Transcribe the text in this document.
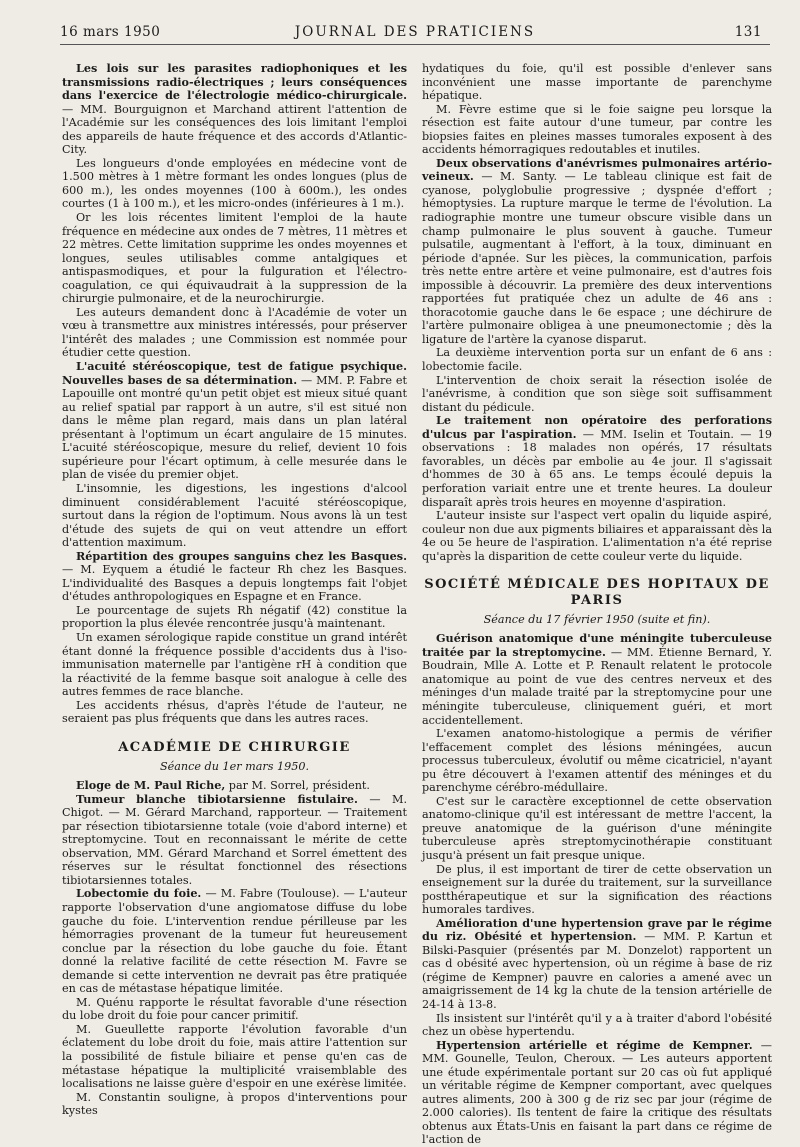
16 mars 1950	JOURNAL DES PRATICIENS	131

Les lois sur les parasites radiophoniques et les transmissions radio-électriques ; leurs conséquences dans l'exercice de l'électrologie médico-chirurgicale. — MM. Bourguignon et Marchand attirent l'attention de l'Académie sur les conséquences des lois limitant l'emploi des appareils de haute fréquence et des accords d'Atlantic-City.

Les longueurs d'onde employées en médecine vont de 1.500 mètres à 1 mètre formant les ondes longues (plus de 600 m.), les ondes moyennes (100 à 600m.), les ondes courtes (1 à 100 m.), et les micro-ondes (inférieures à 1 m.).

Or les lois récentes limitent l'emploi de la haute fréquence en médecine aux ondes de 7 mètres, 11 mètres et 22 mètres. Cette limitation supprime les ondes moyennes et longues, seules utilisables comme antalgiques et antispasmodiques, et pour la fulguration et l'électro-coagulation, ce qui équivaudrait à la suppression de la chirurgie pulmonaire, et de la neurochirurgie.

Les auteurs demandent donc à l'Académie de voter un vœu à transmettre aux ministres intéressés, pour préserver l'intérêt des malades ; une Commission est nommée pour étudier cette question.

L'acuité stéréoscopique, test de fatigue psychique. Nouvelles bases de sa détermination. — MM. P. Fabre et Lapouille ont montré qu'un petit objet est mieux situé quant au relief spatial par rapport à un autre, s'il est situé non dans le même plan regard, mais dans un plan latéral présentant à l'optimum un écart angulaire de 15 minutes. L'acuité stéréoscopique, mesure du relief, devient 10 fois supérieure pour l'écart optimum, à celle mesurée dans le plan de visée du premier objet.

L'insomnie, les digestions, les ingestions d'alcool diminuent considérablement l'acuité stéréoscopique, surtout dans la région de l'optimum. Nous avons là un test d'étude des sujets de qui on veut attendre un effort d'attention maximum.

Répartition des groupes sanguins chez les Basques. — M. Eyquem a étudié le facteur Rh chez les Basques. L'individualité des Basques a depuis longtemps fait l'objet d'études anthropologiques en Espagne et en France.

Le pourcentage de sujets Rh négatif (42) constitue la proportion la plus élevée rencontrée jusqu'à maintenant.

Un examen sérologique rapide constitue un grand intérêt étant donné la fréquence possible d'accidents dus à l'iso-immunisation maternelle par l'antigène rH à condition que la réactivité de la femme basque soit analogue à celle des autres femmes de race blanche.

Les accidents rhésus, d'après l'étude de l'auteur, ne seraient pas plus fréquents que dans les autres races.

ACADÉMIE DE CHIRURGIE
Séance du 1er mars 1950.

Eloge de M. Paul Riche, par M. Sorrel, président.

Tumeur blanche tibiotarsienne fistulaire. — M. Chigot. — M. Gérard Marchand, rapporteur. — Traitement par résection tibiotarsienne totale (voie d'abord interne) et streptomycine. Tout en reconnaissant le mérite de cette observation, MM. Gérard Marchand et Sorrel émettent des réserves sur le résultat fonctionnel des résections tibiotarsiennes totales.

Lobectomie du foie. — M. Fabre (Toulouse). — L'auteur rapporte l'observation d'une angiomatose diffuse du lobe gauche du foie. L'intervention rendue périlleuse par les hémorragies provenant de la tumeur fut heureusement conclue par la résection du lobe gauche du foie. Étant donné la relative facilité de cette résection M. Favre se demande si cette intervention ne devrait pas être pratiquée en cas de métastase hépatique limitée.

M. Quénu rapporte le résultat favorable d'une résection du lobe droit du foie pour cancer primitif.

M. Gueullette rapporte l'évolution favorable d'un éclatement du lobe droit du foie, mais attire l'attention sur la possibilité de fistule biliaire et pense qu'en cas de métastase hépatique la multiplicité vraisemblable des localisations ne laisse guère d'espoir en une exérèse limitée.

M. Constantin souligne, à propos d'interventions pour kystes

hydatiques du foie, qu'il est possible d'enlever sans inconvénient une masse importante de parenchyme hépatique.

M. Fèvre estime que si le foie saigne peu lorsque la résection est faite autour d'une tumeur, par contre les biopsies faites en pleines masses tumorales exposent à des accidents hémorragiques redoutables et inutiles.

Deux observations d'anévrismes pulmonaires artério-veineux. — M. Santy. — Le tableau clinique est fait de cyanose, polyglobulie progressive ; dyspnée d'effort ; hémoptysies. La rupture marque le terme de l'évolution. La radiographie montre une tumeur obscure visible dans un champ pulmonaire le plus souvent à gauche. Tumeur pulsatile, augmentant à l'effort, à la toux, diminuant en période d'apnée. Sur les pièces, la communication, parfois très nette entre artère et veine pulmonaire, est d'autres fois impossible à découvrir. La première des deux interventions rapportées fut pratiquée chez un adulte de 46 ans : thoracotomie gauche dans le 6e espace ; une déchirure de l'artère pulmonaire obligea à une pneumonectomie ; dès la ligature de l'artère la cyanose disparut.

La deuxième intervention porta sur un enfant de 6 ans : lobectomie facile.

L'intervention de choix serait la résection isolée de l'anévrisme, à condition que son siège soit suffisamment distant du pédicule.

Le traitement non opératoire des perforations d'ulcus par l'aspiration. — MM. Iselin et Toutain. — 19 observations : 18 malades non opérés, 17 résultats favorables, un décès par embolie au 4e jour. Il s'agissait d'hommes de 30 à 65 ans. Le temps écoulé depuis la perforation variait entre une et trente heures. La douleur disparaît après trois heures en moyenne d'aspiration.

L'auteur insiste sur l'aspect vert opalin du liquide aspiré, couleur non due aux pigments biliaires et apparaissant dès la 4e ou 5e heure de l'aspiration. L'alimentation n'a été reprise qu'après la disparition de cette couleur verte du liquide.

SOCIÉTÉ MÉDICALE DES HOPITAUX DE PARIS
Séance du 17 février 1950 (suite et fin).

Guérison anatomique d'une méningite tuberculeuse traitée par la streptomycine. — MM. Étienne Bernard, Y. Boudrain, Mlle A. Lotte et P. Renault relatent le protocole anatomique au point de vue des centres nerveux et des méninges d'un malade traité par la streptomycine pour une méningite tuberculeuse, cliniquement guéri, et mort accidentellement.

L'examen anatomo-histologique a permis de vérifier l'effacement complet des lésions méningées, aucun processus tuberculeux, évolutif ou même cicatriciel, n'ayant pu être découvert à l'examen attentif des méninges et du parenchyme cérébro-médullaire.

C'est sur le caractère exceptionnel de cette observation anatomo-clinique qu'il est intéressant de mettre l'accent, la preuve anatomique de la guérison d'une méningite tuberculeuse après streptomycinothérapie constituant jusqu'à présent un fait presque unique.

De plus, il est important de tirer de cette observation un enseignement sur la durée du traitement, sur la surveillance postthérapeutique et sur la signification des réactions humorales tardives.

Amélioration d'une hypertension grave par le régime du riz. Obésité et hypertension. — MM. P. Kartun et Bilski-Pasquier (présentés par M. Donzelot) rapportent un cas d obésité avec hypertension, où un régime à base de riz (régime de Kempner) pauvre en calories a amené avec un amaigrissement de 14 kg la chute de la tension artérielle de 24-14 à 13-8.

Ils insistent sur l'intérêt qu'il y a à traiter d'abord l'obésité chez un obèse hypertendu.

Hypertension artérielle et régime de Kempner. — MM. Gounelle, Teulon, Cheroux. — Les auteurs apportent une étude expérimentale portant sur 20 cas où fut appliqué un véritable régime de Kempner comportant, avec quelques autres aliments, 200 à 300 g de riz sec par jour (régime de 2.000 calories). Ils tentent de faire la critique des résultats obtenus aux États-Unis en faisant la part dans ce régime de l'action de
